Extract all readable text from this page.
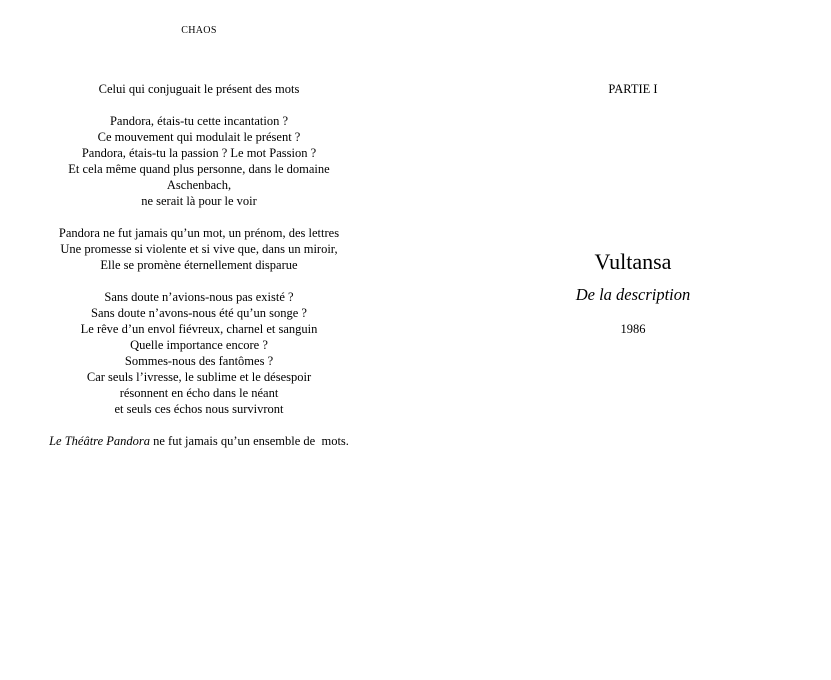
CHAOS
Celui qui conjuguait le présent des mots
Pandora, étais-tu cette incantation ?
Ce mouvement qui modulait le présent ?
Pandora, étais-tu la passion ? Le mot Passion ?
Et cela même quand plus personne, dans le domaine
Aschenbach,
ne serait là pour le voir
Pandora ne fut jamais qu’un mot, un prénom, des lettres
Une promesse si violente et si vive que, dans un miroir,
Elle se promène éternellement disparue
Sans doute n’avions-nous pas existé ?
Sans doute n’avons-nous été qu’un songe ?
Le rêve d’un envol fiévreux, charnel et sanguin
Quelle importance encore ?
Sommes-nous des fantômes ?
Car seuls l’ivresse, le sublime et le désespoir
résonnent en écho dans le néant
et seuls ces échos nous survivront
Le Théâtre Pandora ne fut jamais qu’un ensemble de  mots.
PARTIE I
Vultansa
De la description
1986
